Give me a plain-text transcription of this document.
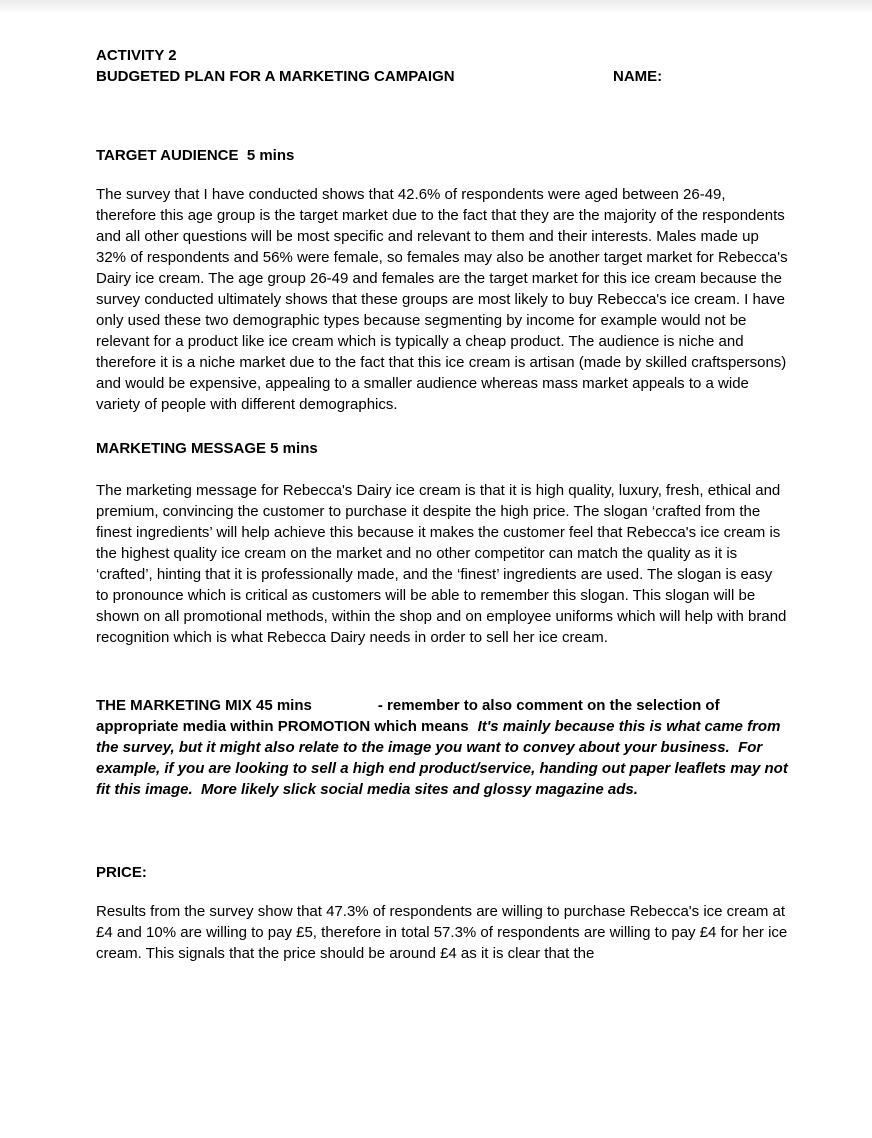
ACTIVITY 2
BUDGETED PLAN FOR A MARKETING CAMPAIGN	NAME:
TARGET AUDIENCE  5 mins
The survey that I have conducted shows that 42.6% of respondents were aged between 26-49, therefore this age group is the target market due to the fact that they are the majority of the respondents and all other questions will be most specific and relevant to them and their interests. Males made up 32% of respondents and 56% were female, so females may also be another target market for Rebecca's Dairy ice cream. The age group 26-49 and females are the target market for this ice cream because the survey conducted ultimately shows that these groups are most likely to buy Rebecca's ice cream. I have only used these two demographic types because segmenting by income for example would not be relevant for a product like ice cream which is typically a cheap product. The audience is niche and therefore it is a niche market due to the fact that this ice cream is artisan (made by skilled craftspersons) and would be expensive, appealing to a smaller audience whereas mass market appeals to a wide variety of people with different demographics.
MARKETING MESSAGE 5 mins
The marketing message for Rebecca's Dairy ice cream is that it is high quality, luxury, fresh, ethical and premium, convincing the customer to purchase it despite the high price. The slogan ‘crafted from the finest ingredients’ will help achieve this because it makes the customer feel that Rebecca's ice cream is the highest quality ice cream on the market and no other competitor can match the quality as it is ‘crafted’, hinting that it is professionally made, and the ‘finest’ ingredients are used. The slogan is easy to pronounce which is critical as customers will be able to remember this slogan. This slogan will be shown on all promotional methods, within the shop and on employee uniforms which will help with brand recognition which is what Rebecca Dairy needs in order to sell her ice cream.
THE MARKETING MIX 45 mins	- remember to also comment on the selection of appropriate media within PROMOTION which means It's mainly because this is what came from the survey, but it might also relate to the image you want to convey about your business.  For example, if you are looking to sell a high end product/service, handing out paper leaflets may not fit this image.  More likely slick social media sites and glossy magazine ads.
PRICE:
Results from the survey show that 47.3% of respondents are willing to purchase Rebecca's ice cream at £4 and 10% are willing to pay £5, therefore in total 57.3% of respondents are willing to pay £4 for her ice cream. This signals that the price should be around £4 as it is clear that the
